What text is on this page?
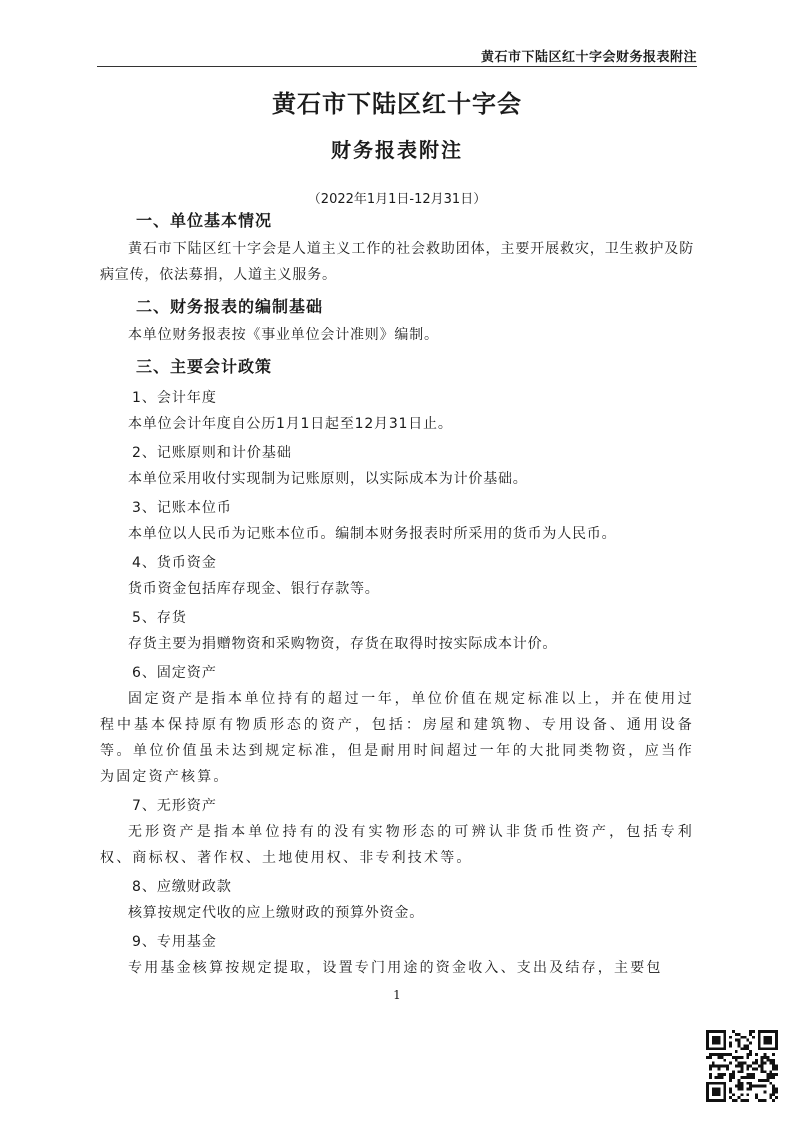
黄石市下陆区红十字会财务报表附注
黄石市下陆区红十字会
财务报表附注
（2022年1月1日-12月31日）
一、单位基本情况
黄石市下陆区红十字会是人道主义工作的社会救助团体，主要开展救灾，卫生救护及防病宣传，依法募捐，人道主义服务。
二、财务报表的编制基础
本单位财务报表按《事业单位会计准则》编制。
三、主要会计政策
1、会计年度
本单位会计年度自公历1月1日起至12月31日止。
2、记账原则和计价基础
本单位采用收付实现制为记账原则，以实际成本为计价基础。
3、记账本位币
本单位以人民币为记账本位币。编制本财务报表时所采用的货币为人民币。
4、货币资金
货币资金包括库存现金、银行存款等。
5、存货
存货主要为捐赠物资和采购物资，存货在取得时按实际成本计价。
6、固定资产
固定资产是指本单位持有的超过一年，单位价值在规定标准以上，并在使用过程中基本保持原有物质形态的资产，包括：房屋和建筑物、专用设备、通用设备等。单位价值虽未达到规定标准，但是耐用时间超过一年的大批同类物资，应当作为固定资产核算。
7、无形资产
无形资产是指本单位持有的没有实物形态的可辨认非货币性资产，包括专利权、商标权、著作权、土地使用权、非专利技术等。
8、应缴财政款
核算按规定代收的应上缴财政的预算外资金。
9、专用基金
专用基金核算按规定提取，设置专门用途的资金收入、支出及结存，主要包
1
